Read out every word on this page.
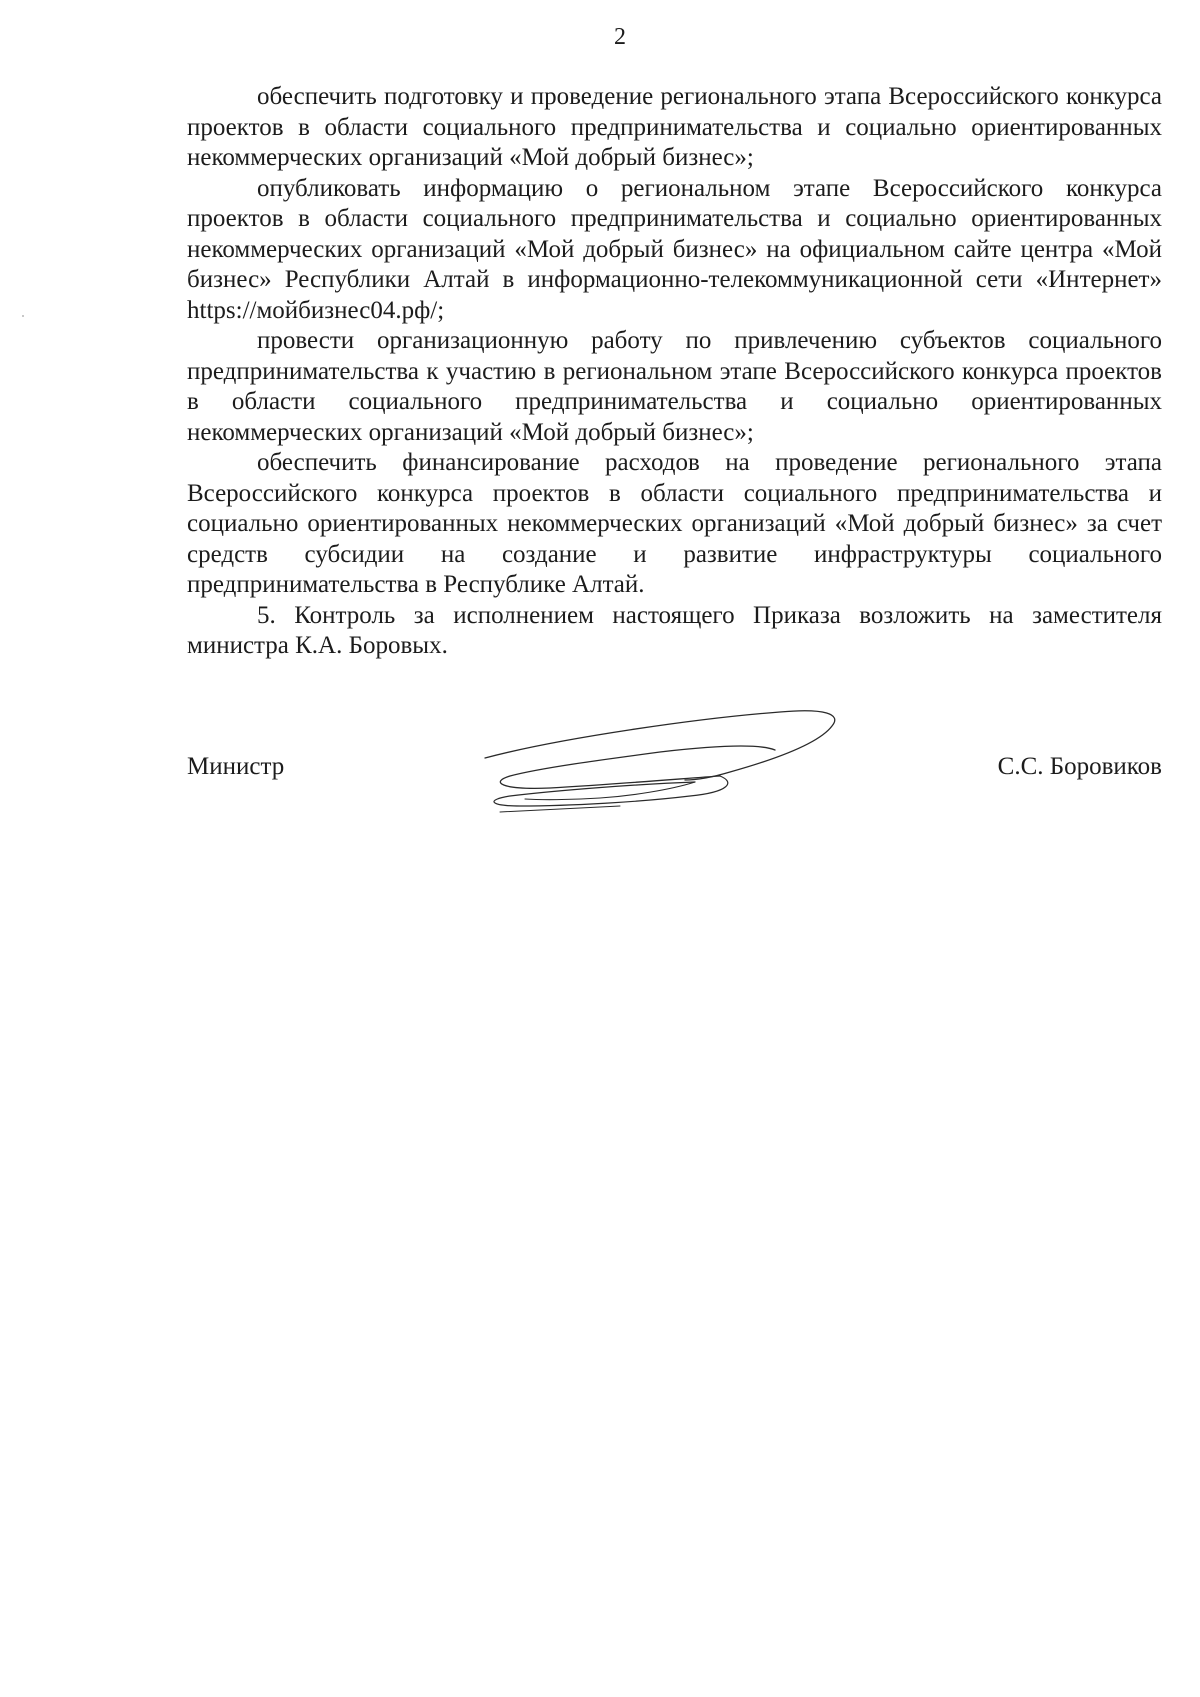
2

обеспечить подготовку и проведение регионального этапа Всероссийского конкурса проектов в области социального предпринимательства и социально ориентированных некоммерческих организаций «Мой добрый бизнес»;

опубликовать информацию о региональном этапе Всероссийского конкурса проектов в области социального предпринимательства и социально ориентированных некоммерческих организаций «Мой добрый бизнес» на официальном сайте центра «Мой бизнес» Республики Алтай в информационно-телекоммуникационной сети «Интернет» https://мойбизнес04.рф/;

провести организационную работу по привлечению субъектов социального предпринимательства к участию в региональном этапе Всероссийского конкурса проектов в области социального предпринимательства и социально ориентированных некоммерческих организаций «Мой добрый бизнес»;

обеспечить финансирование расходов на проведение регионального этапа Всероссийского конкурса проектов в области социального предпринимательства и социально ориентированных некоммерческих организаций «Мой добрый бизнес» за счет средств субсидии на создание и развитие инфраструктуры социального предпринимательства в Республике Алтай.

5. Контроль за исполнением настоящего Приказа возложить на заместителя министра К.А. Боровых.

Министр	С.С. Боровиков
